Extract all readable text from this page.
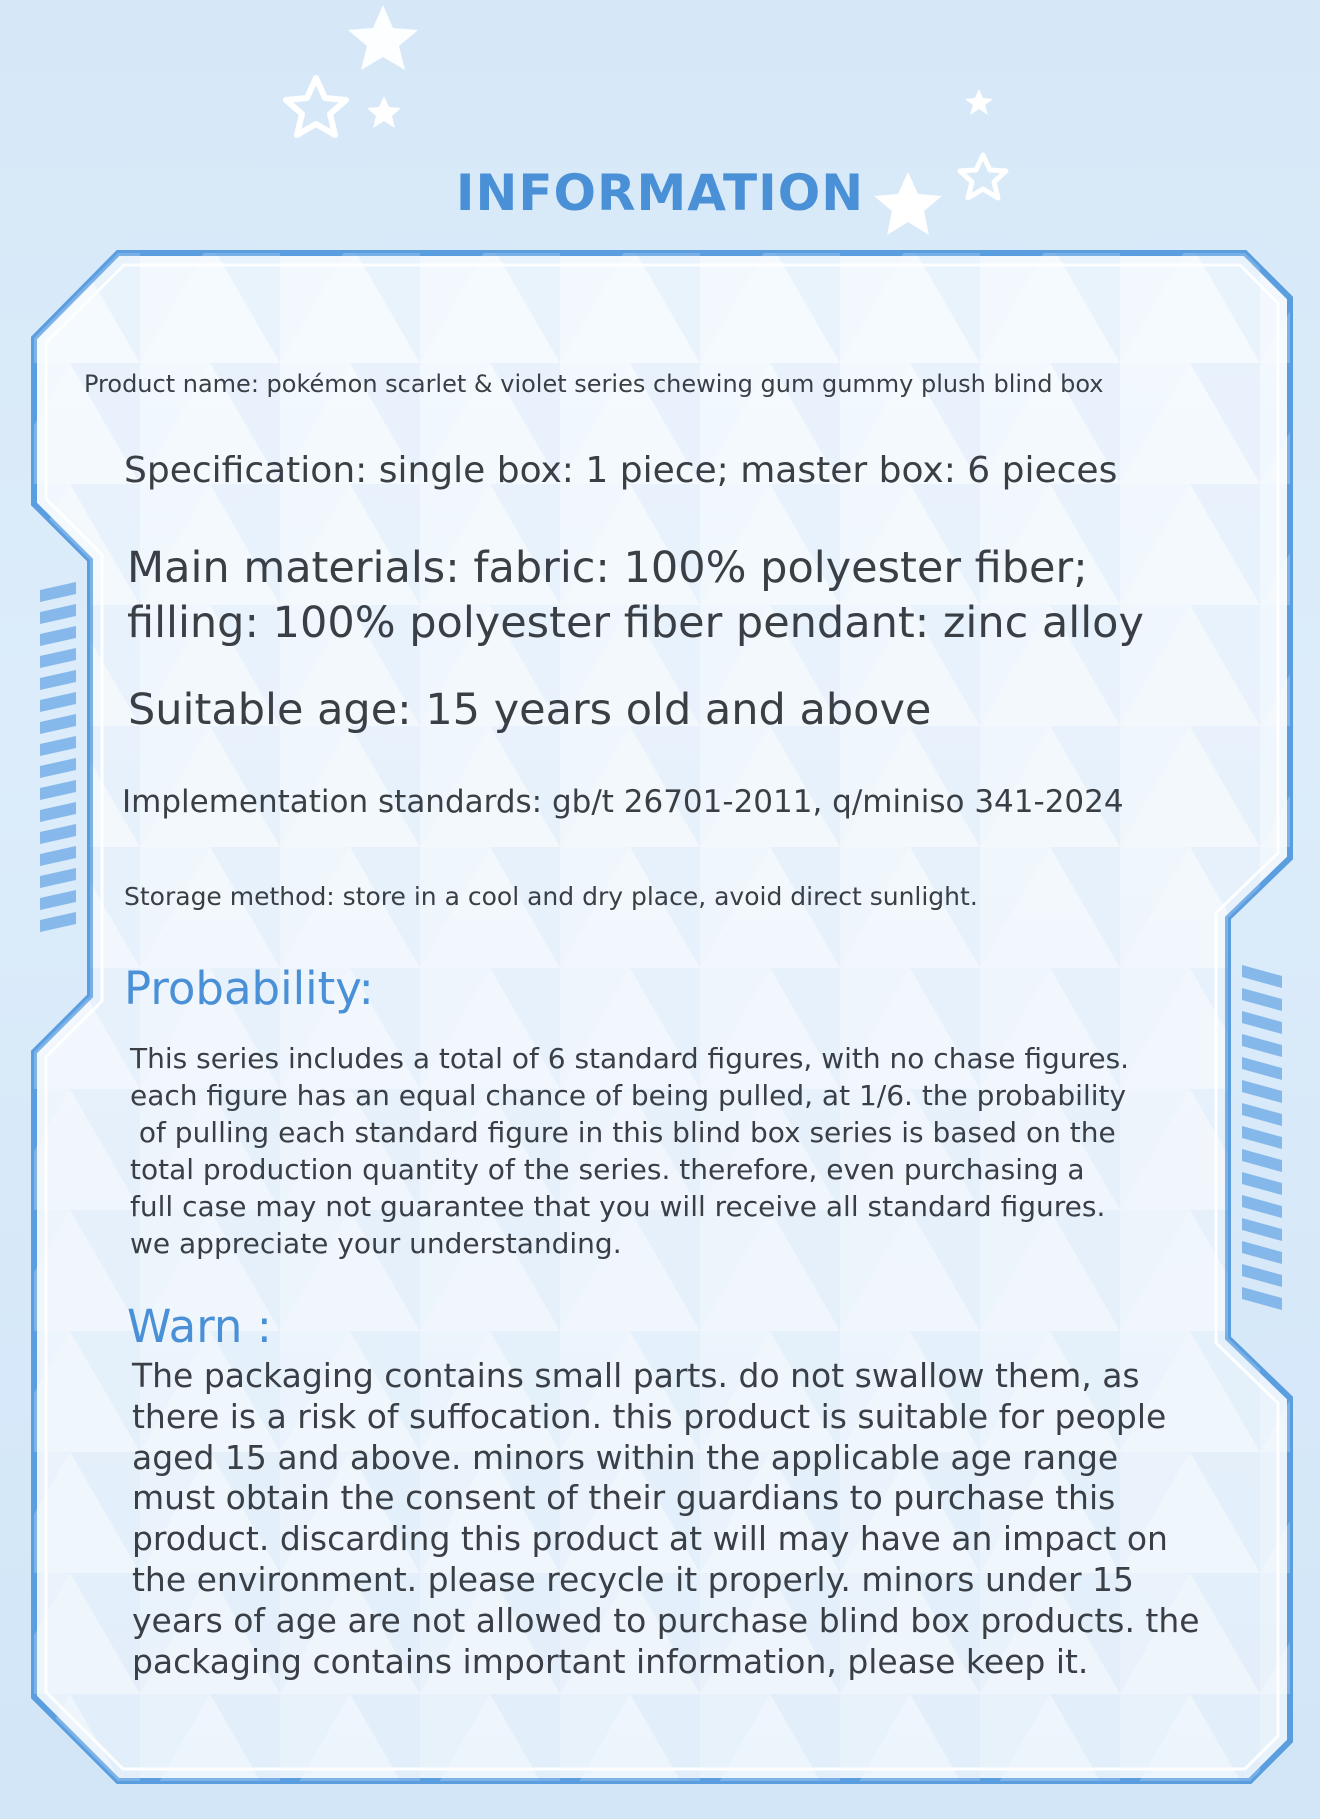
INFORMATION
Product name: pokémon scarlet & violet series chewing gum gummy plush blind box
Specification: single box: 1 piece; master box: 6 pieces
Main materials: fabric: 100% polyester fiber;
filling: 100% polyester fiber pendant: zinc alloy
Suitable age: 15 years old and above
Implementation standards: gb/t 26701-2011, q/miniso 341-2024
Storage method: store in a cool and dry place, avoid direct sunlight.
Probability:
This series includes a total of 6 standard figures, with no chase figures.
each figure has an equal chance of being pulled, at 1/6. the probability
of pulling each standard figure in this blind box series is based on the
total production quantity of the series. therefore, even purchasing a
full case may not guarantee that you will receive all standard figures.
we appreciate your understanding.
Warn :
The packaging contains small parts. do not swallow them, as
there is a risk of suffocation. this product is suitable for people
aged 15 and above. minors within the applicable age range
must obtain the consent of their guardians to purchase this
product. discarding this product at will may have an impact on
the environment. please recycle it properly. minors under 15
years of age are not allowed to purchase blind box products. the
packaging contains important information, please keep it.
